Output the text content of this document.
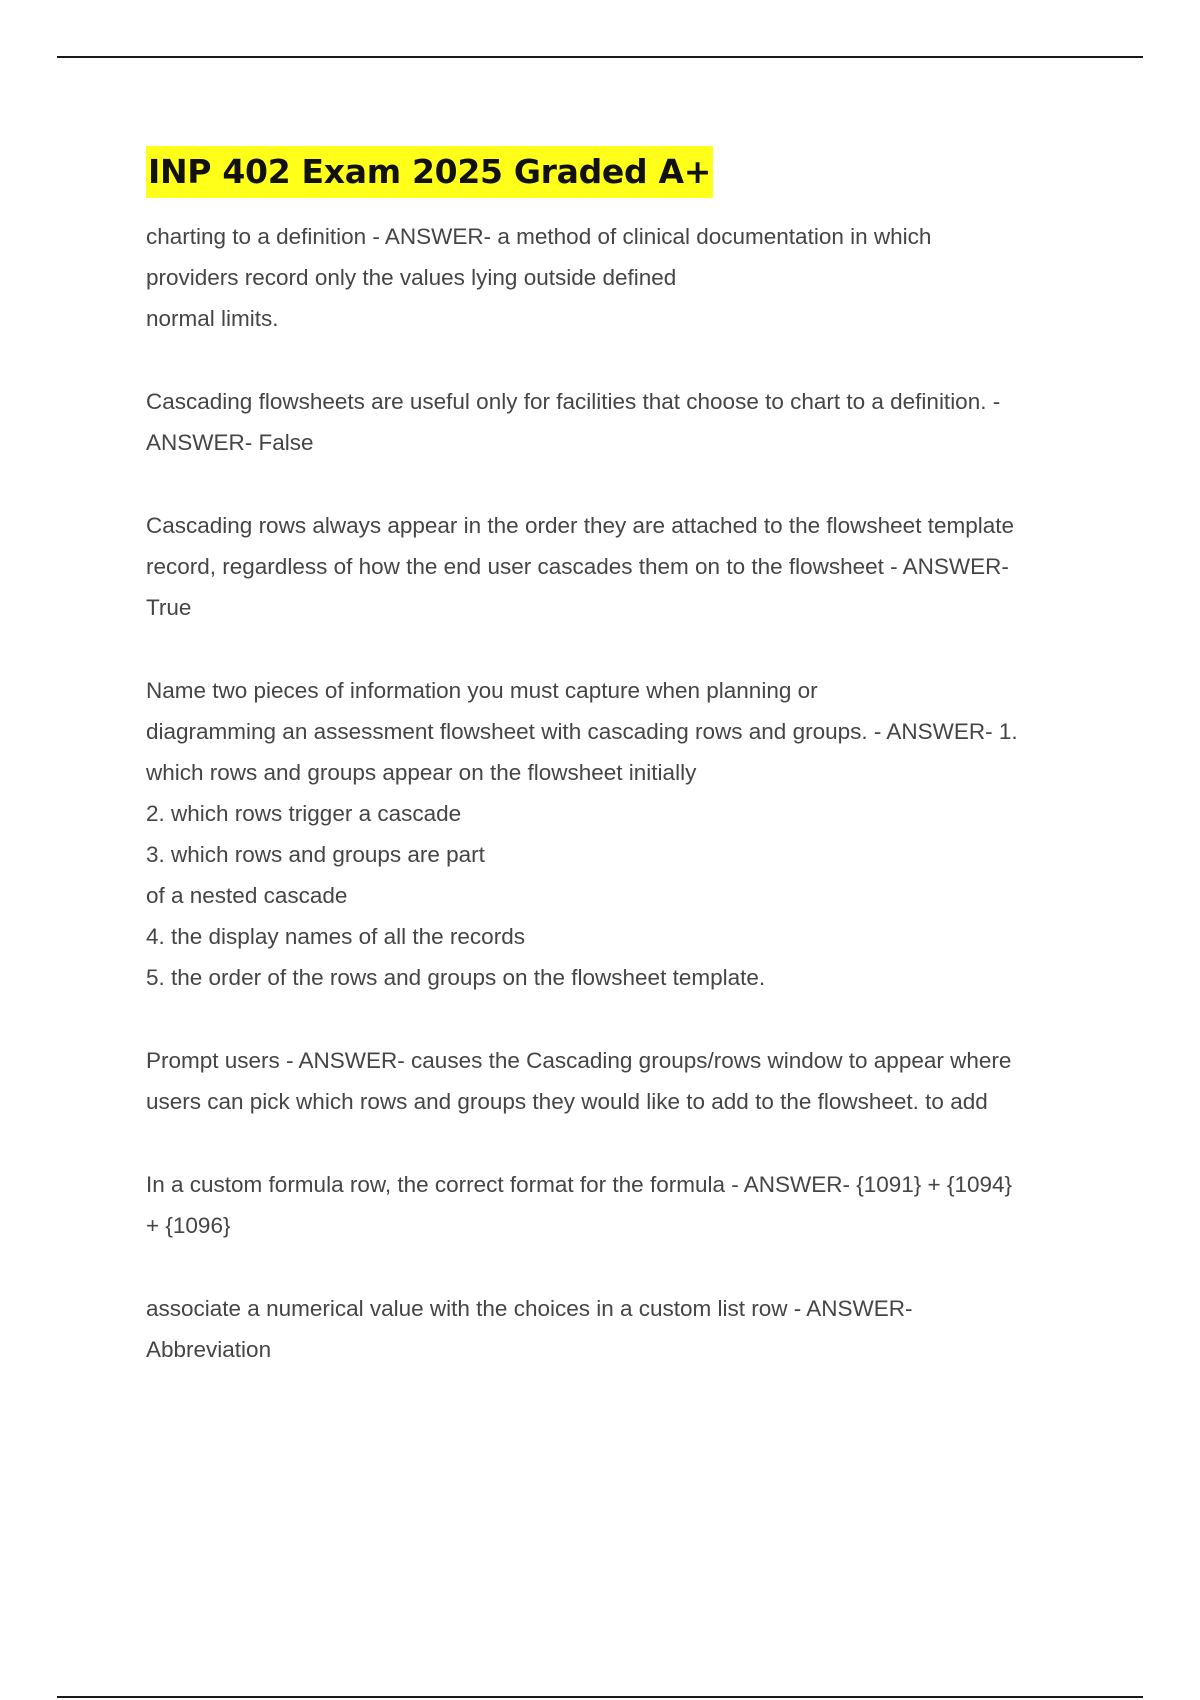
INP 402 Exam 2025 Graded A+
charting to a definition - ANSWER- a method of clinical documentation in which
providers record only the values lying outside defined
normal limits.
Cascading flowsheets are useful only for facilities that choose to chart to a definition. -
ANSWER- False
Cascading rows always appear in the order they are attached to the flowsheet template
record, regardless of how the end user cascades them on to the flowsheet - ANSWER-
True
Name two pieces of information you must capture when planning or
diagramming an assessment flowsheet with cascading rows and groups. - ANSWER- 1.
which rows and groups appear on the flowsheet initially
2. which rows trigger a cascade
3. which rows and groups are part
of a nested cascade
4. the display names of all the records
5. the order of the rows and groups on the flowsheet template.
Prompt users - ANSWER- causes the Cascading groups/rows window to appear where
users can pick which rows and groups they would like to add to the flowsheet. to add
In a custom formula row, the correct format for the formula - ANSWER- {1091} + {1094}
+ {1096}
associate a numerical value with the choices in a custom list row - ANSWER-
Abbreviation
